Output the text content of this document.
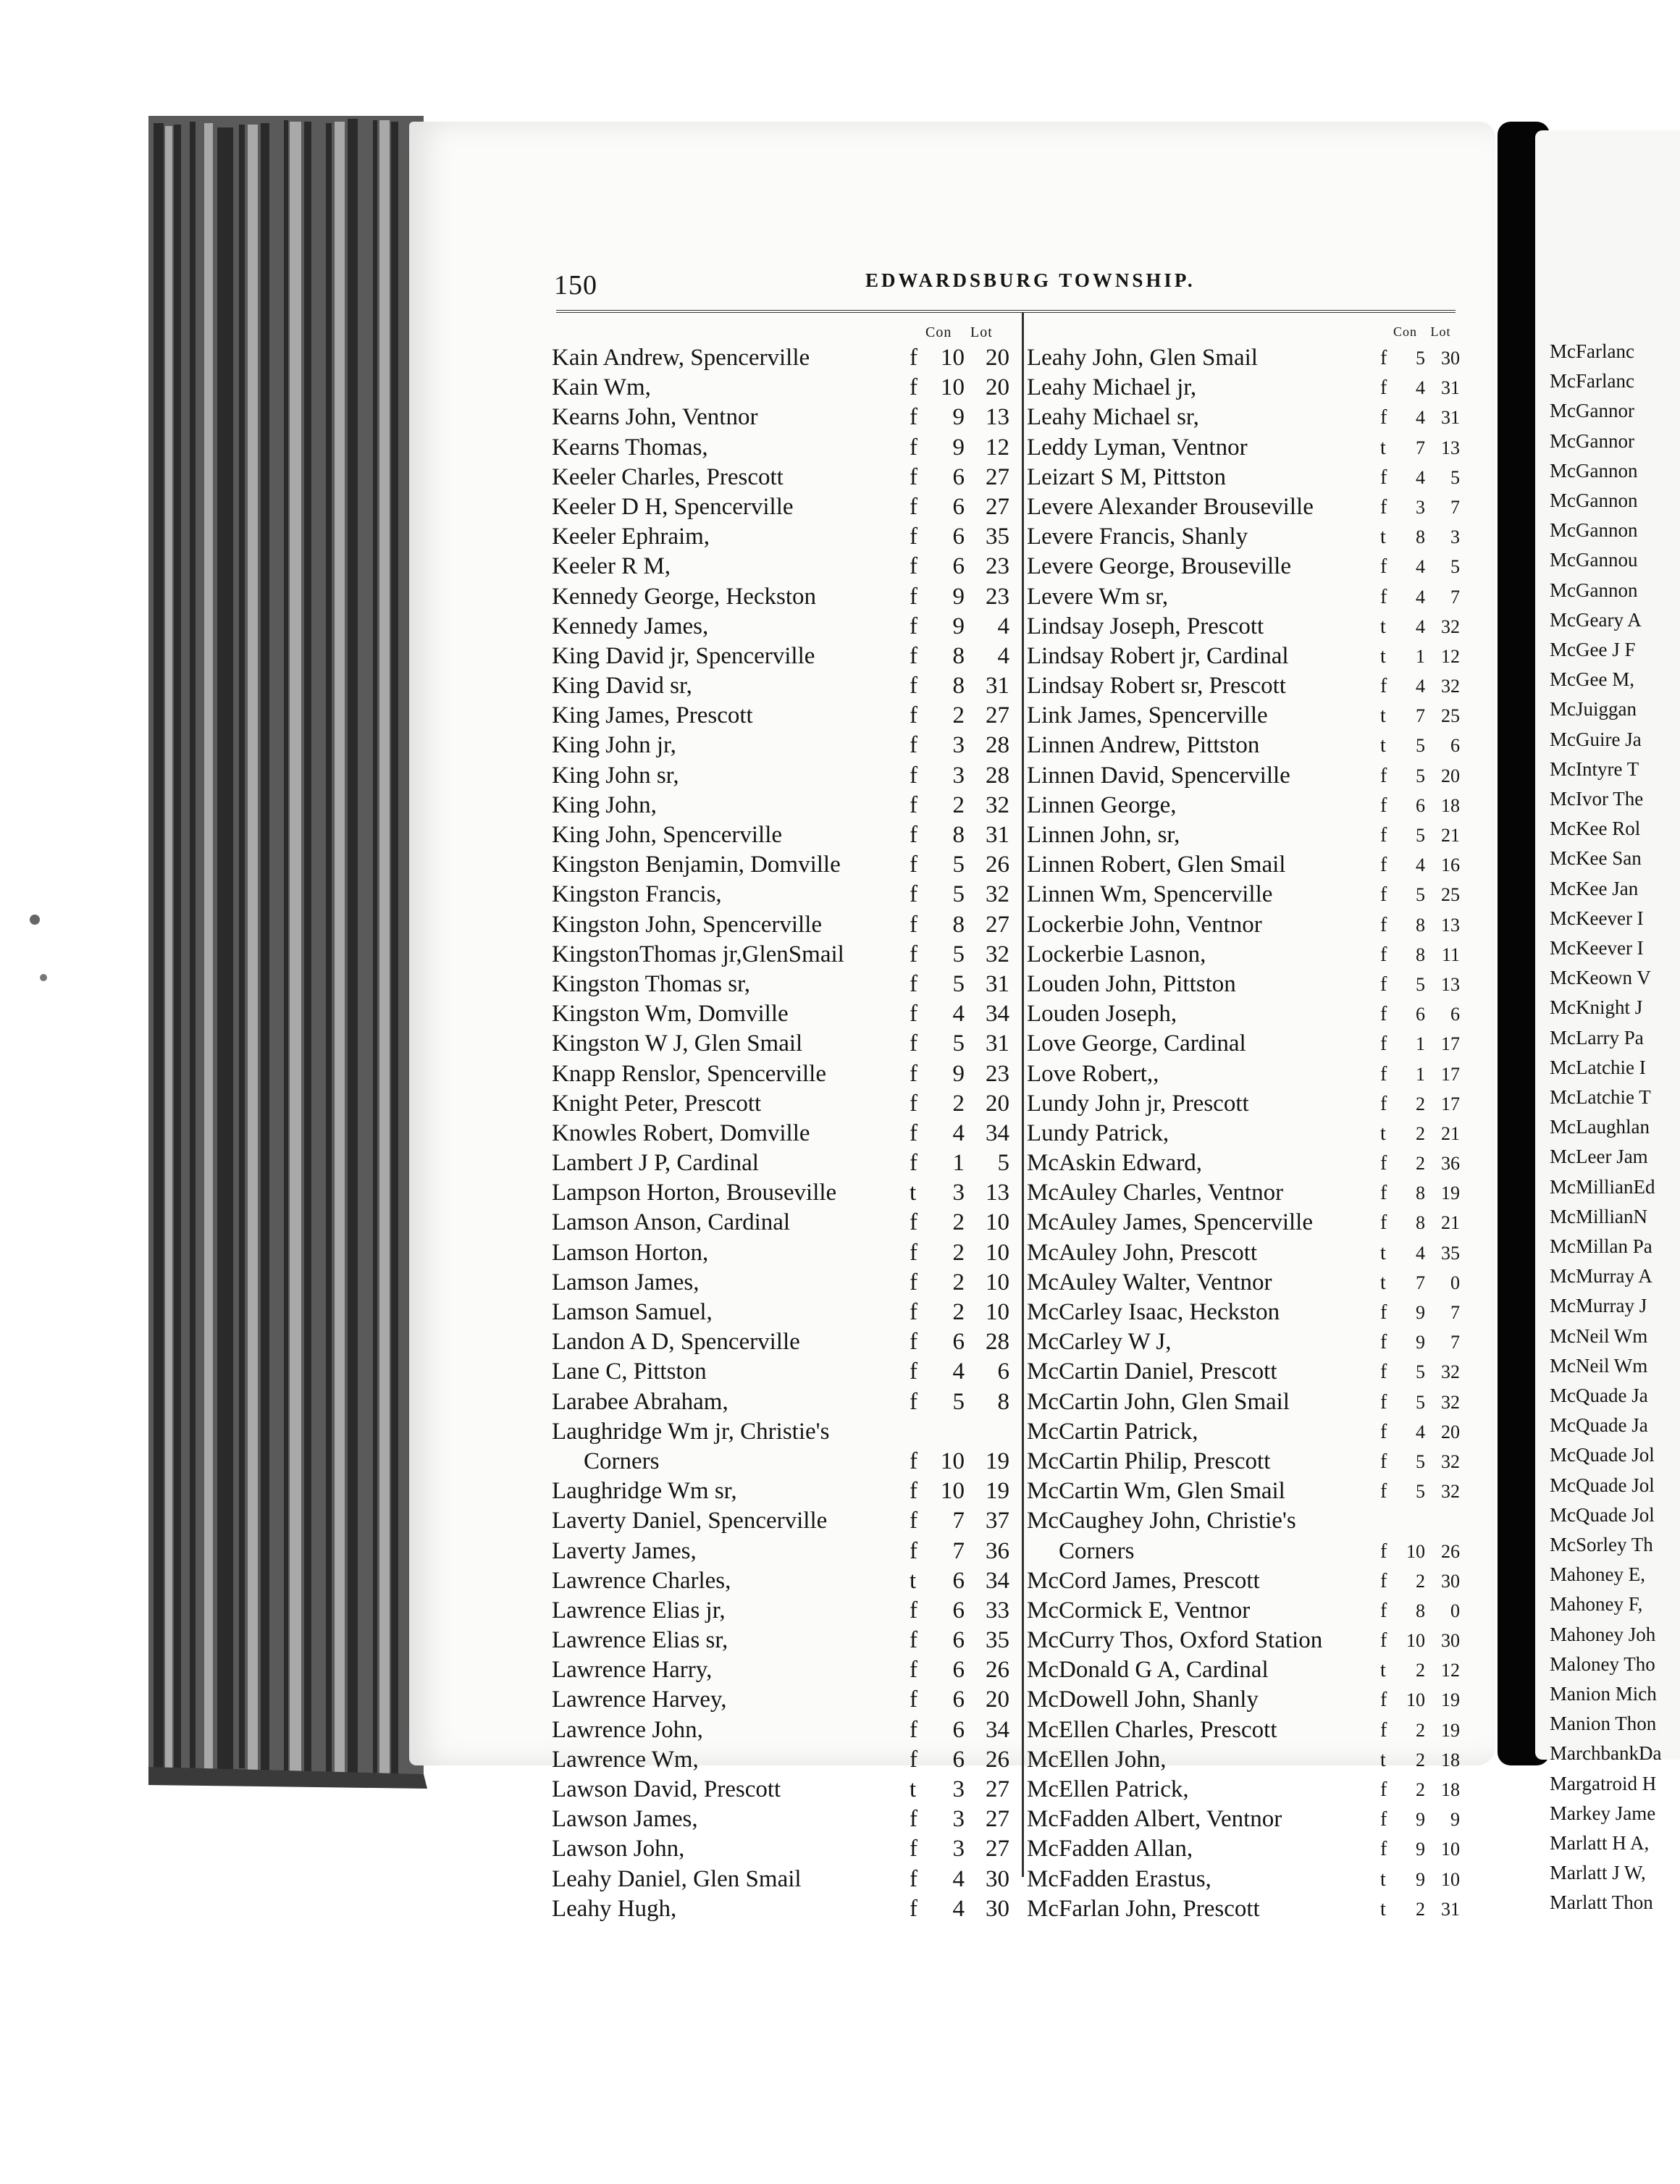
150	EDWARDSBURG TOWNSHIP.
Con Lot	Con Lot
Kain Andrew, Spencerville	f 10 20
Kain Wm,	f 10 20
Kearns John, Ventnor	f	9 13
Kearns Thomas,	f	9 12
Keeler Charles, Prescott	f	6 27
Keeler D H, Spencerville	f	6 27
Keeler Ephraim,	f	6 35
Keeler R M,	f	6 23
Kennedy George, Heckston	f	9 23
Kennedy James,	f	9	4
King David jr, Spencerville	f	8	4
King David sr,	f	8 31
King James, Prescott	f	2 27
King John jr,	f	3 28
King John sr,	f	3 28
King John,	f	2 32
King John, Spencerville	f	8 31
Kingston Benjamin, Domville	f	5 26
Kingston Francis,	f	5 32
Kingston John, Spencerville	f	8 27
KingstonThomas jr,GlenSmail	f	5 32
Kingston Thomas sr,	f	5 31
Kingston Wm, Domville	f	4 34
Kingston W J, Glen Smail	f	5 31
Knapp Renslor, Spencerville	f	9 23
Knight Peter, Prescott	f	2 20
Knowles Robert, Domville	f	4 34
Lambert J P, Cardinal	f	1	5
Lampson Horton, Brouseville	t	3 13
Lamson Anson, Cardinal	f	2 10
Lamson Horton,	f	2 10
Lamson James,	f	2 10
Lamson Samuel,	f	2 10
Landon A D, Spencerville	f	6 28
Lane C, Pittston	f	4	6
Larabee Abraham,	f	5	8
Laughridge Wm jr, Christie's
Corners	f 10 19
Laughridge Wm sr,	f 10 19
Laverty Daniel, Spencerville	f	7 37
Laverty James,	f	7 36
Lawrence Charles,	t	6 34
Lawrence Elias jr,	f	6 33
Lawrence Elias sr,	f	6 35
Lawrence Harry,	f	6 26
Lawrence Harvey,	f	6 20
Lawrence John,	f	6 34
Lawrence Wm,	f	6 26
Lawson David, Prescott	t	3 27
Lawson James,	f	3 27
Lawson John,	f	3 27
Leahy Daniel, Glen Smail	f	4 30
Leahy Hugh,	f	4 30
Leahy John, Glen Smail	f	5 30
Leahy Michael jr,	f	4 31
Leahy Michael sr,	f	4 31
Leddy Lyman, Ventnor	t	7 13
Leizart S M, Pittston	f	4	5
Levere Alexander Brouseville	f	3	7
Levere Francis, Shanly	t	8	3
Levere George, Brouseville	f	4	5
Levere Wm sr,	f	4	7
Lindsay Joseph, Prescott	t	4 32
Lindsay Robert jr, Cardinal	t	1 12
Lindsay Robert sr, Prescott	f	4 32
Link James, Spencerville	t	7 25
Linnen Andrew, Pittston	t	5	6
Linnen David, Spencerville	f	5 20
Linnen George,	f	6 18
Linnen John, sr,	f	5 21
Linnen Robert, Glen Smail	f	4 16
Linnen Wm, Spencerville	f	5 25
Lockerbie John, Ventnor	f	8 13
Lockerbie Lasnon,	f	8 11
Louden John, Pittston	f	5 13
Louden Joseph,	f	6	6
Love George, Cardinal	f	1 17
Love Robert,,	f	1 17
Lundy John jr, Prescott	f	2 17
Lundy Patrick,	t	2 21
McAskin Edward,	f	2 36
McAuley Charles, Ventnor	f	8 19
McAuley James, Spencerville	f	8 21
McAuley John, Prescott	t	4 35
McAuley Walter, Ventnor	t	7	0
McCarley Isaac, Heckston	f	9	7
McCarley W J,	f	9	7
McCartin Daniel, Prescott	f	5 32
McCartin John, Glen Smail	f	5 32
McCartin Patrick,	f	4 20
McCartin Philip, Prescott	f	5 32
McCartin Wm, Glen Smail	f	5 32
McCaughey John, Christie's
Corners	f	10 26
McCord James, Prescott	f	2 30
McCormick E, Ventnor	f	8	0
McCurry Thos, Oxford Station	f	10 30
McDonald G A, Cardinal	t	2 12
McDowell John, Shanly	f	10 19
McEllen Charles, Prescott	f	2 19
McEllen John,	t	2 18
McEllen Patrick,	f	2 18
McFadden Albert, Ventnor	f	9	9
McFadden Allan,	f	9 10
McFadden Erastus,	t	9 10
McFarlan John, Prescott	t	2 31
McFarlanc
McFarlanc
McGannor
McGannor
McGannon
McGannon
McGannon
McGannou
McGannon
McGeary A
McGee J F
McGee M,
McJuiggan
McGuire Ja
McIntyre T
McIvor The
McKee Rol
McKee San
McKee Jan
McKeever I
McKeever I
McKeown V
McKnight J
McLarry Pa
McLatchie I
McLatchie T
McLaughlan
McLeer Jam
McMillianEd
McMillianN
McMillan Pa
McMurray A
McMurray J
McNeil Wm
McNeil Wm
McQuade Ja
McQuade Ja
McQuade Jol
McQuade Jol
McQuade Jol
McSorley Th
Mahoney E,
Mahoney F,
Mahoney Joh
Maloney Tho
Manion Mich
Manion Thon
MarchbankDa
Margatroid H
Markey Jame
Marlatt H A,
Marlatt J W,
Marlatt Thon
